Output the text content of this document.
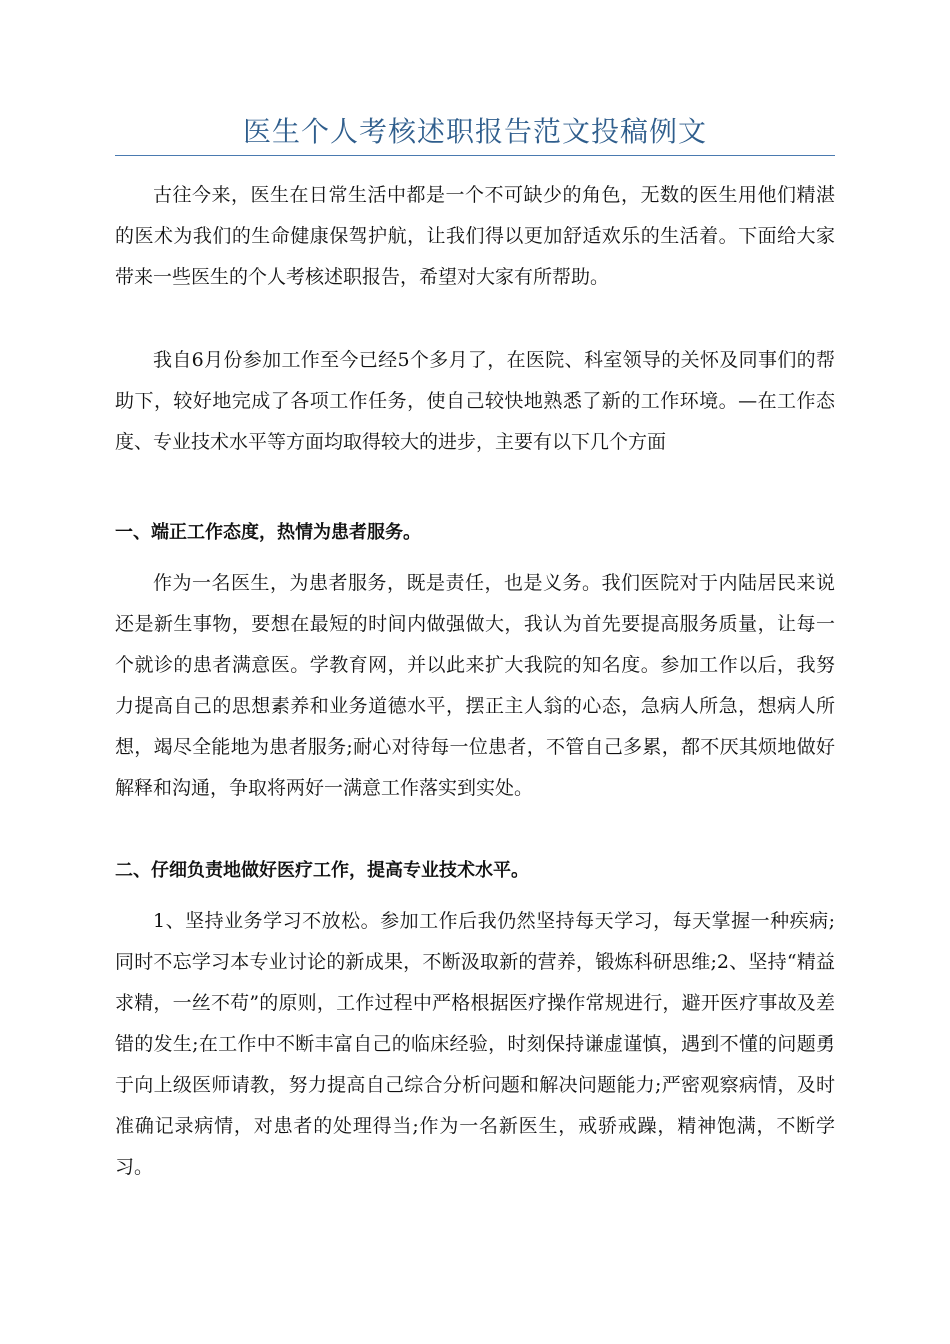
医生个人考核述职报告范文投稿例文

古往今来，医生在日常生活中都是一个不可缺少的角色，无数的医生用他们精湛的医术为我们的生命健康保驾护航，让我们得以更加舒适欢乐的生活着。下面给大家带来一些医生的个人考核述职报告，希望对大家有所帮助。

我自6月份参加工作至今已经5个多月了，在医院、科室领导的关怀及同事们的帮助下，较好地完成了各项工作任务，使自己较快地熟悉了新的工作环境。—在工作态度、专业技术水平等方面均取得较大的进步，主要有以下几个方面

一、端正工作态度，热情为患者服务。

作为一名医生，为患者服务，既是责任，也是义务。我们医院对于内陆居民来说还是新生事物，要想在最短的时间内做强做大，我认为首先要提高服务质量，让每一个就诊的患者满意医。学教育网，并以此来扩大我院的知名度。参加工作以后，我努力提高自己的思想素养和业务道德水平，摆正主人翁的心态，急病人所急，想病人所想，竭尽全能地为患者服务;耐心对待每一位患者，不管自己多累，都不厌其烦地做好解释和沟通，争取将两好一满意工作落实到实处。

二、仔细负责地做好医疗工作，提高专业技术水平。

1、坚持业务学习不放松。参加工作后我仍然坚持每天学习，每天掌握一种疾病;同时不忘学习本专业讨论的新成果，不断汲取新的营养，锻炼科研思维;2、坚持“精益求精，一丝不苟”的原则，工作过程中严格根据医疗操作常规进行，避开医疗事故及差错的发生;在工作中不断丰富自己的临床经验，时刻保持谦虚谨慎，遇到不懂的问题勇于向上级医师请教，努力提高自己综合分析问题和解决问题能力;严密观察病情，及时准确记录病情，对患者的处理得当;作为一名新医生，戒骄戒躁，精神饱满，不断学习。
